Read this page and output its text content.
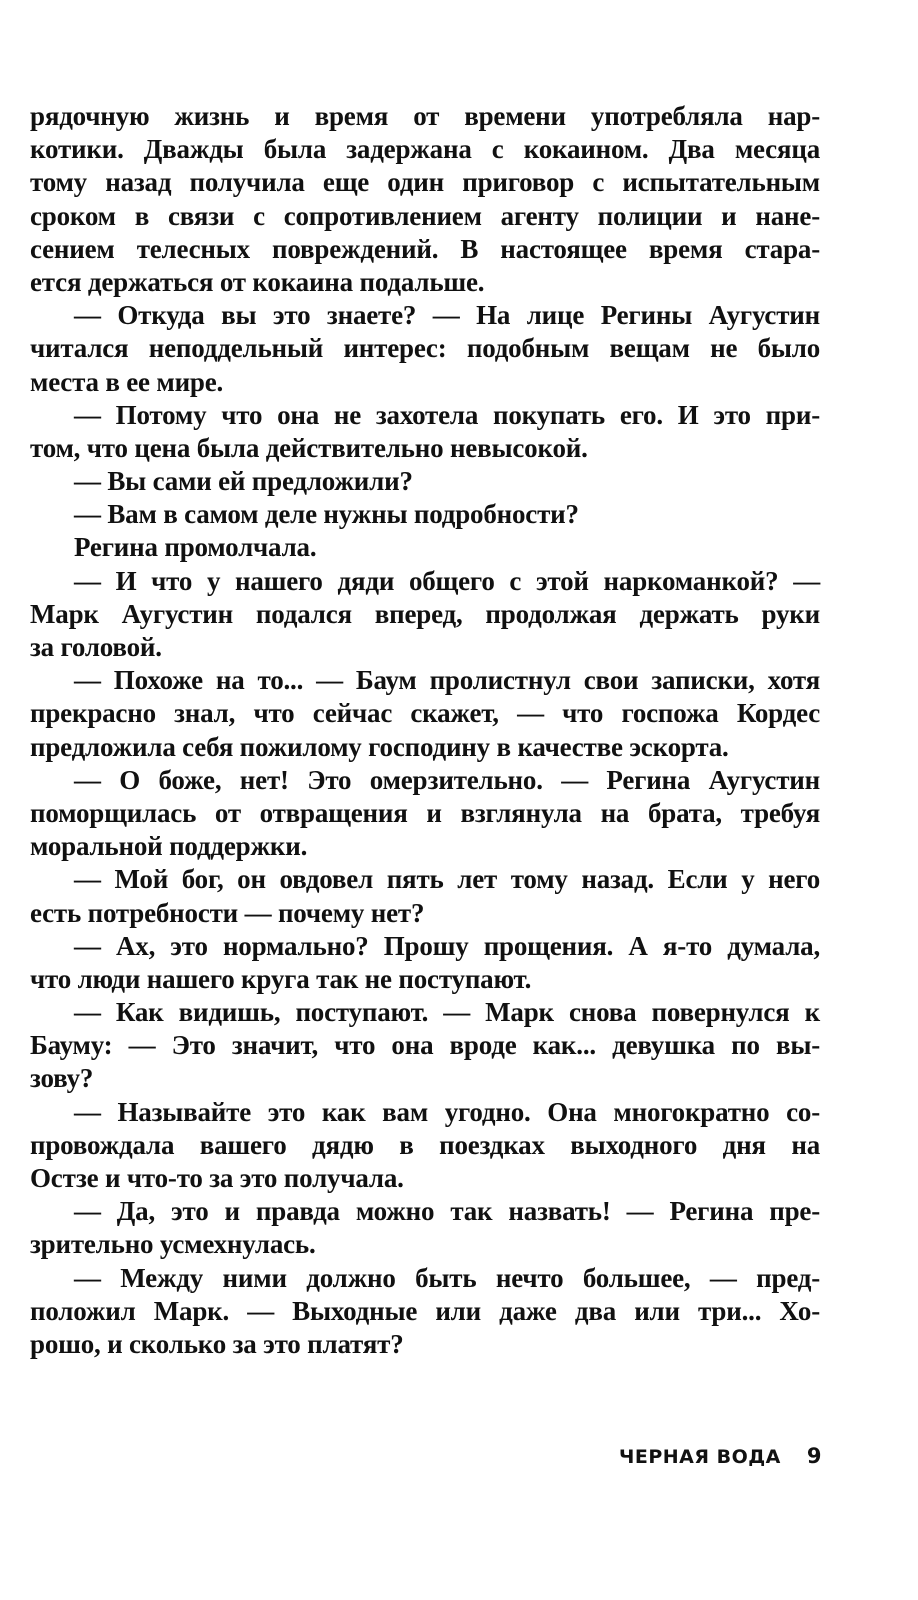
рядочную жизнь и время от времени употребляла нар-
котики. Дважды была задержана с кокаином. Два месяца
тому назад получила еще один приговор с испытательным
сроком в связи с сопротивлением агенту полиции и нане-
сением телесных повреждений. В настоящее время стара-
ется держаться от кокаина подальше.
— Откуда вы это знаете? — На лице Регины Аугустин
читался неподдельный интерес: подобным вещам не было
места в ее мире.
— Потому что она не захотела покупать его. И это при-
том, что цена была действительно невысокой.
— Вы сами ей предложили?
— Вам в самом деле нужны подробности?
Регина промолчала.
— И что у нашего дяди общего с этой наркоманкой? —
Марк Аугустин подался вперед, продолжая держать руки
за головой.
— Похоже на то... — Баум пролистнул свои записки, хотя
прекрасно знал, что сейчас скажет, — что госпожа Кордес
предложила себя пожилому господину в качестве эскорта.
— О боже, нет! Это омерзительно. — Регина Аугустин
поморщилась от отвращения и взглянула на брата, требуя
моральной поддержки.
— Мой бог, он овдовел пять лет тому назад. Если у него
есть потребности — почему нет?
— Ах, это нормально? Прошу прощения. А я-то думала,
что люди нашего круга так не поступают.
— Как видишь, поступают. — Марк снова повернулся к
Бауму: — Это значит, что она вроде как... девушка по вы-
зову?
— Называйте это как вам угодно. Она многократно со-
провождала вашего дядю в поездках выходного дня на
Остзе и что-то за это получала.
— Да, это и правда можно так назвать! — Регина пре-
зрительно усмехнулась.
— Между ними должно быть нечто большее, — пред-
положил Марк. — Выходные или даже два или три... Хо-
рошо, и сколько за это платят?
ЧЕРНАЯ ВОДА 9
